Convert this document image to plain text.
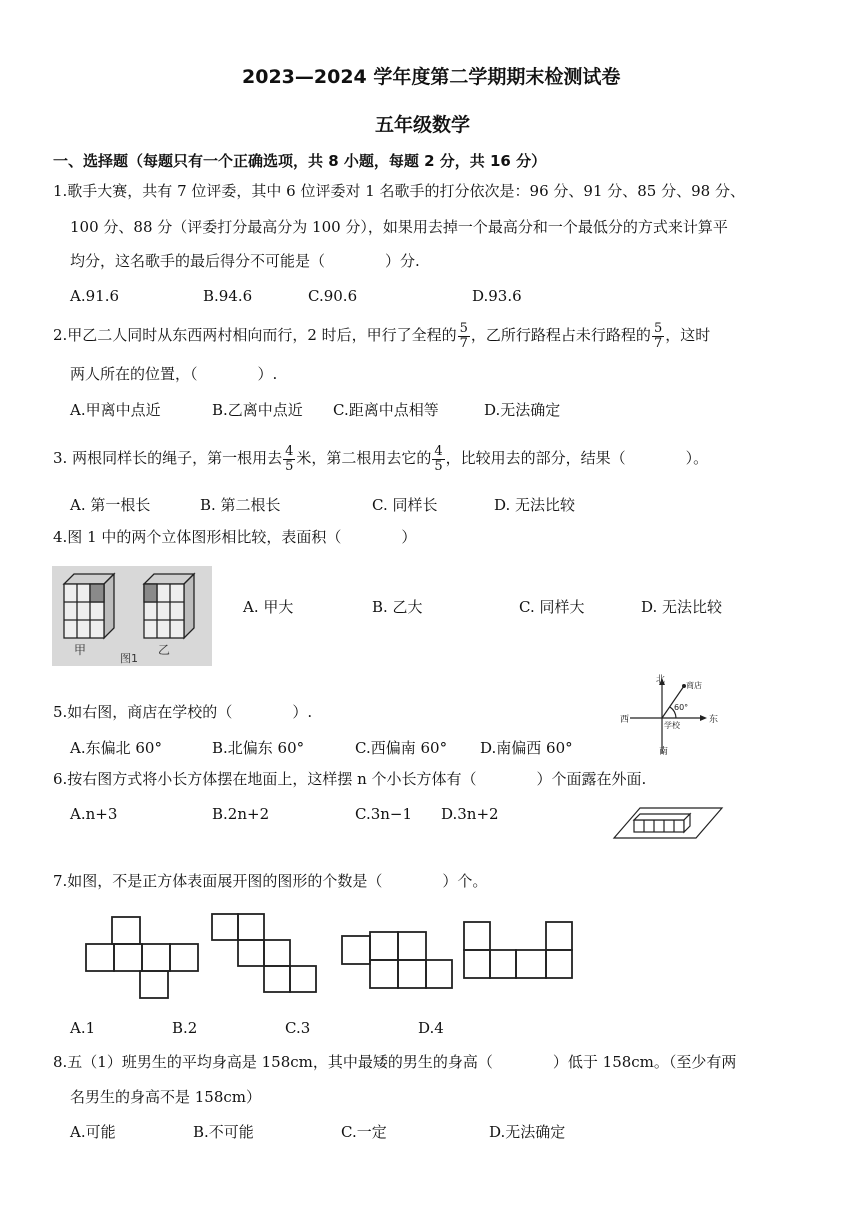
2023—2024 学年度第二学期期末检测试卷
五年级数学
一、选择题（每题只有一个正确选项，共 8 小题，每题 2 分，共 16 分）
1.歌手大赛，共有 7 位评委，其中 6 位评委对 1 名歌手的打分依次是：96 分、91 分、85 分、98 分、
100 分、88 分（评委打分最高分为 100 分），如果用去掉一个最高分和一个最低分的方式来计算平
均分，这名歌手的最后得分不可能是（　　　　）分.
A.91.6	B.94.6	C.90.6	D.93.6
2.甲乙二人同时从东西两村相向而行，2 时后，甲行了全程的 $\frac{5}{7}$ ，乙所行路程占未行路程的 $\frac{5}{7}$ ，这时
两人所在的位置，（　　　　）.
A.甲离中点近	B.乙离中点近 C.距离中点相等	D.无法确定
3. 两根同样长的绳子，第一根用去 $\frac{4}{5}$ 米，第二根用去它的 $\frac{4}{5}$ ，比较用去的部分，结果（　　　　）。
A. 第一根长	B. 第二根长	C. 同样长	D. 无法比较
4.图 1 中的两个立体图形相比较，表面积（　　　　）
甲	乙
图1
A. 甲大	B. 乙大	C. 同样大	D. 无法比较
北
南
东
西
商店
学校
60°
5.如右图，商店在学校的（　　　　）.
A.东偏北 60°	B.北偏东 60°	C.西偏南 60° D.南偏西 60°
6.按右图方式将小长方体摆在地面上，这样摆 n 个小长方体有（　　　　）个面露在外面.
A.n+3	B.2n+2	C.3n−1 D.3n+2
7.如图，不是正方体表面展开图的图形的个数是（　　　　）个。
A.1	B.2	C.3	D.4
8.五（1）班男生的平均身高是 158cm，其中最矮的男生的身高（　　　　）低于 158cm。（至少有两
名男生的身高不是 158cm）
A.可能	B.不可能	C.一定	D.无法确定
